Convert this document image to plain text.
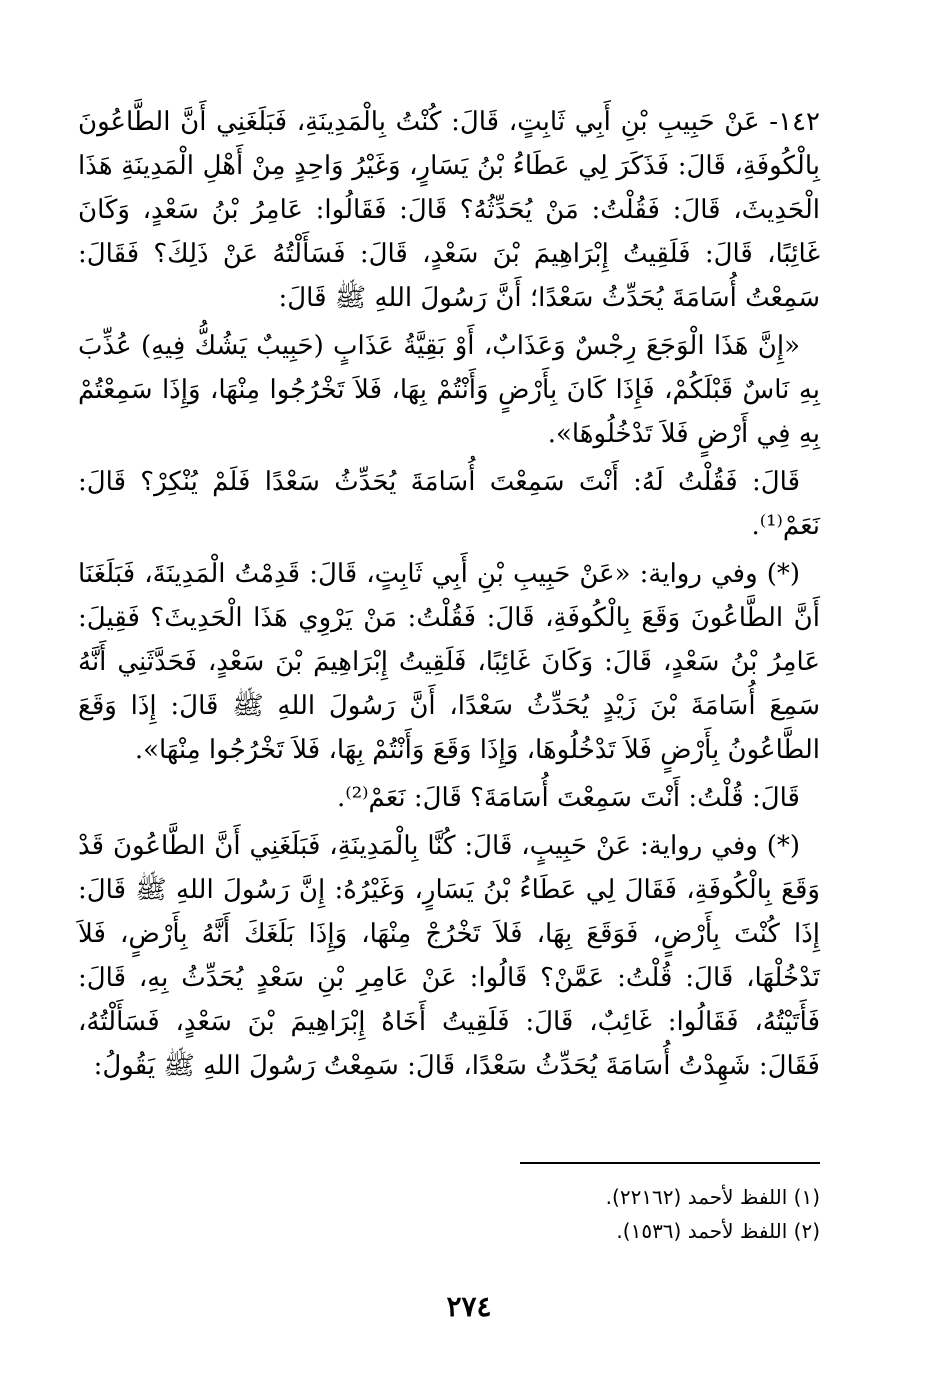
١٤٢- عَنْ حَبِيبِ بْنِ أَبِي ثَابِتٍ، قَالَ: كُنْتُ بِالْمَدِينَةِ، فَبَلَغَنِي أَنَّ الطَّاعُونَ بِالْكُوفَةِ، قَالَ: فَذَكَرَ لِي عَطَاءُ بْنُ يَسَارٍ، وَغَيْرُ وَاحِدٍ مِنْ أَهْلِ الْمَدِينَةِ هَذَا الْحَدِيثَ، قَالَ: فَقُلْتُ: مَنْ يُحَدِّثُهُ؟ قَالَ: فَقَالُوا: عَامِرُ بْنُ سَعْدٍ، وَكَانَ غَائِبًا، قَالَ: فَلَقِيتُ إِبْرَاهِيمَ بْنَ سَعْدٍ، قَالَ: فَسَأَلْتُهُ عَنْ ذَلِكَ؟ فَقَالَ: سَمِعْتُ أُسَامَةَ يُحَدِّثُ سَعْدًا؛ أَنَّ رَسُولَ اللهِ ﷺ قَالَ:

«إِنَّ هَذَا الْوَجَعَ رِجْسٌ وَعَذَابٌ، أَوْ بَقِيَّةُ عَذَابٍ (حَبِيبٌ يَشُكُّ فِيهِ) عُذِّبَ بِهِ نَاسٌ قَبْلَكُمْ، فَإِذَا كَانَ بِأَرْضٍ وَأَنْتُمْ بِهَا، فَلاَ تَخْرُجُوا مِنْهَا، وَإِذَا سَمِعْتُمْ بِهِ فِي أَرْضٍ فَلاَ تَدْخُلُوهَا».

قَالَ: فَقُلْتُ لَهُ: أَنْتَ سَمِعْتَ أُسَامَةَ يُحَدِّثُ سَعْدًا فَلَمْ يُنْكِرْ؟ قَالَ: نَعَمْ⁽¹⁾.

(*) وفي رواية: «عَنْ حَبِيبِ بْنِ أَبِي ثَابِتٍ، قَالَ: قَدِمْتُ الْمَدِينَةَ، فَبَلَغَنَا أَنَّ الطَّاعُونَ وَقَعَ بِالْكُوفَةِ، قَالَ: فَقُلْتُ: مَنْ يَرْوِي هَذَا الْحَدِيثَ؟ فَقِيلَ: عَامِرُ بْنُ سَعْدٍ، قَالَ: وَكَانَ غَائِبًا، فَلَقِيتُ إِبْرَاهِيمَ بْنَ سَعْدٍ، فَحَدَّثَنِي أَنَّهُ سَمِعَ أُسَامَةَ بْنَ زَيْدٍ يُحَدِّثُ سَعْدًا، أَنَّ رَسُولَ اللهِ ﷺ قَالَ: إِذَا وَقَعَ الطَّاعُونُ بِأَرْضٍ فَلاَ تَدْخُلُوهَا، وَإِذَا وَقَعَ وَأَنْتُمْ بِهَا، فَلاَ تَخْرُجُوا مِنْهَا».

قَالَ: قُلْتُ: أَنْتَ سَمِعْتَ أُسَامَةَ؟ قَالَ: نَعَمْ⁽²⁾.

(*) وفي رواية: عَنْ حَبِيبٍ، قَالَ: كُنَّا بِالْمَدِينَةِ، فَبَلَغَنِي أَنَّ الطَّاعُونَ قَدْ وَقَعَ بِالْكُوفَةِ، فَقَالَ لِي عَطَاءُ بْنُ يَسَارٍ، وَغَيْرُهُ: إِنَّ رَسُولَ اللهِ ﷺ قَالَ: إِذَا كُنْتَ بِأَرْضٍ، فَوَقَعَ بِهَا، فَلاَ تَخْرُجْ مِنْهَا، وَإِذَا بَلَغَكَ أَنَّهُ بِأَرْضٍ، فَلاَ تَدْخُلْهَا، قَالَ: قُلْتُ: عَمَّنْ؟ قَالُوا: عَنْ عَامِرِ بْنِ سَعْدٍ يُحَدِّثُ بِهِ، قَالَ: فَأَتَيْتُهُ، فَقَالُوا: غَائِبٌ، قَالَ: فَلَقِيتُ أَخَاهُ إِبْرَاهِيمَ بْنَ سَعْدٍ، فَسَأَلْتُهُ، فَقَالَ: شَهِدْتُ أُسَامَةَ يُحَدِّثُ سَعْدًا، قَالَ: سَمِعْتُ رَسُولَ اللهِ ﷺ يَقُولُ:

(١) اللفظ لأحمد (٢٢١٦٢).

(٢) اللفظ لأحمد (١٥٣٦).

٢٧٤
